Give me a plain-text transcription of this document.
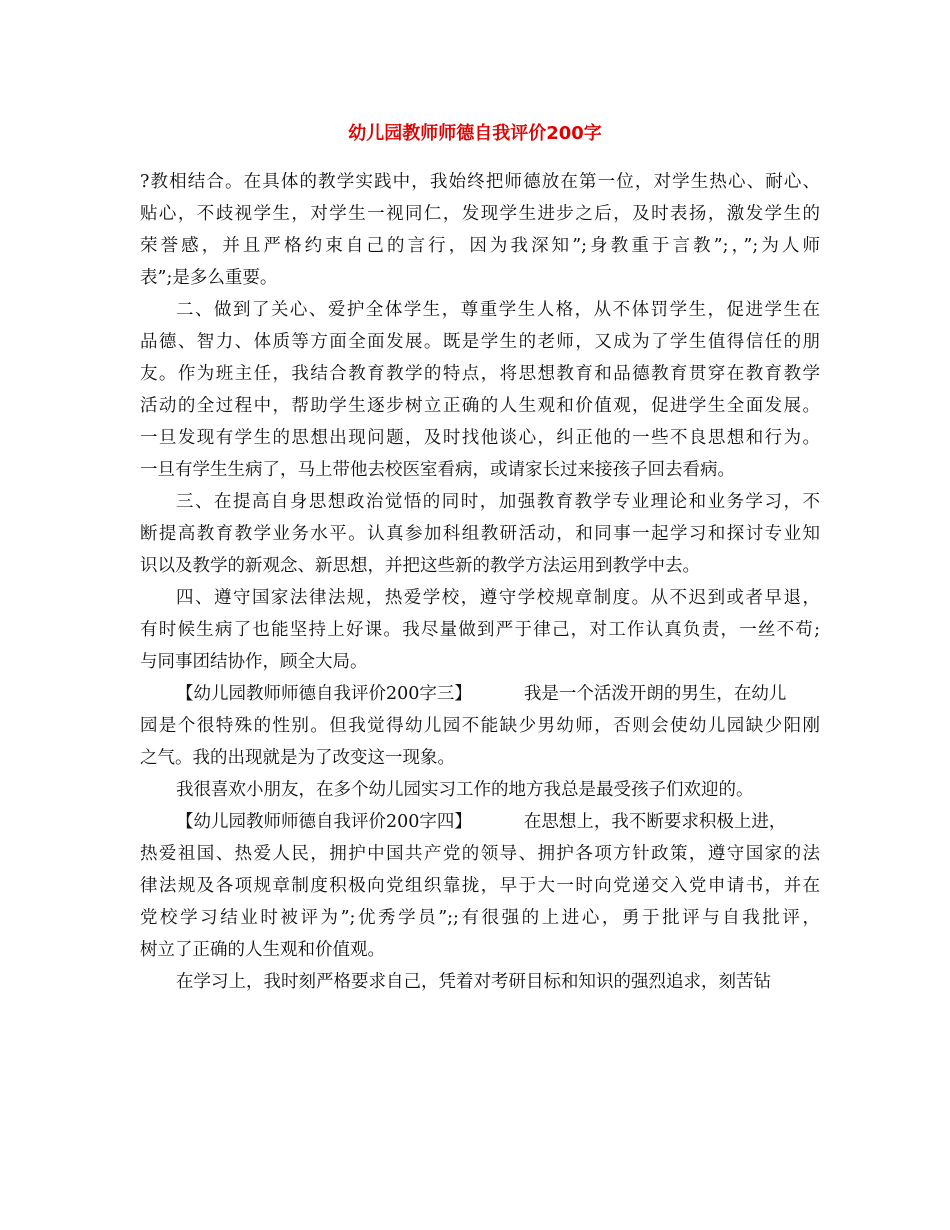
幼儿园教师师德自我评价200字

?教相结合。在具体的教学实践中，我始终把师德放在第一位，对学生热心、耐心、

贴心，不歧视学生，对学生一视同仁，发现学生进步之后，及时表扬，激发学生的

荣誉感，并且严格约束自己的言行，因为我深知”;身教重于言教”;，”;为人师

表”;是多么重要。

二、做到了关心、爱护全体学生，尊重学生人格，从不体罚学生，促进学生在

品德、智力、体质等方面全面发展。既是学生的老师，又成为了学生值得信任的朋

友。作为班主任，我结合教育教学的特点，将思想教育和品德教育贯穿在教育教学

活动的全过程中，帮助学生逐步树立正确的人生观和价值观，促进学生全面发展。

一旦发现有学生的思想出现问题，及时找他谈心，纠正他的一些不良思想和行为。

一旦有学生生病了，马上带他去校医室看病，或请家长过来接孩子回去看病。

三、在提高自身思想政治觉悟的同时，加强教育教学专业理论和业务学习，不

断提高教育教学业务水平。认真参加科组教研活动，和同事一起学习和探讨专业知

识以及教学的新观念、新思想，并把这些新的教学方法运用到教学中去。

四、遵守国家法律法规，热爱学校，遵守学校规章制度。从不迟到或者早退，

有时候生病了也能坚持上好课。我尽量做到严于律己，对工作认真负责，一丝不苟;

与同事团结协作，顾全大局。

【幼儿园教师师德自我评价200字三】	我是一个活泼开朗的男生，在幼儿

园是个很特殊的性别。但我觉得幼儿园不能缺少男幼师，否则会使幼儿园缺少阳刚

之气。我的出现就是为了改变这一现象。

我很喜欢小朋友，在多个幼儿园实习工作的地方我总是最受孩子们欢迎的。

【幼儿园教师师德自我评价200字四】	在思想上，我不断要求积极上进，

热爱祖国、热爱人民，拥护中国共产党的领导、拥护各项方针政策，遵守国家的法

律法规及各项规章制度积极向党组织靠拢，早于大一时向党递交入党申请书，并在

党校学习结业时被评为”;优秀学员”;;有很强的上进心，勇于批评与自我批评，

树立了正确的人生观和价值观。

在学习上，我时刻严格要求自己，凭着对考研目标和知识的强烈追求，刻苦钻
